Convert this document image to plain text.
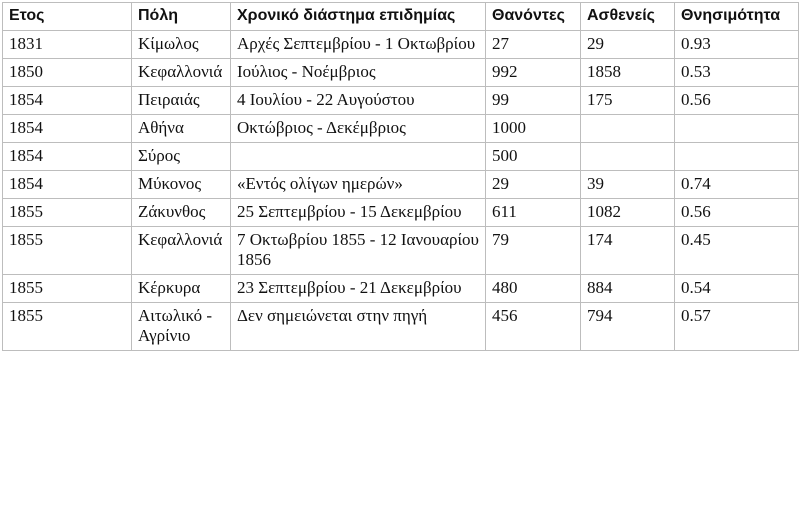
Ετος	Πόλη	Χρονικό διάστημα επιδημίας	Θανόντες	Ασθενείς	Θνησιμότητα
1831	Κίμωλος	Αρχές Σεπτεμβρίου - 1 Οκτωβρίου	27	29	0.93
1850	Κεφαλλονιά	Ιούλιος - Νοέμβριος	992	1858	0.53
1854	Πειραιάς	4 Ιουλίου - 22 Αυγούστου	99	175	0.56
1854	Αθήνα	Οκτώβριος - Δεκέμβριος	1000		
1854	Σύρος		500		
1854	Μύκονος	«Εντός ολίγων ημερών»	29	39	0.74
1855	Ζάκυνθος	25 Σεπτεμβρίου - 15 Δεκεμβρίου	611	1082	0.56
1855	Κεφαλλονιά	7 Οκτωβρίου 1855 - 12 Ιανουαρίου 1856	79	174	0.45
1855	Κέρκυρα	23 Σεπτεμβρίου - 21 Δεκεμβρίου	480	884	0.54
1855	Αιτωλικό - Αγρίνιο	Δεν σημειώνεται στην πηγή	456	794	0.57
